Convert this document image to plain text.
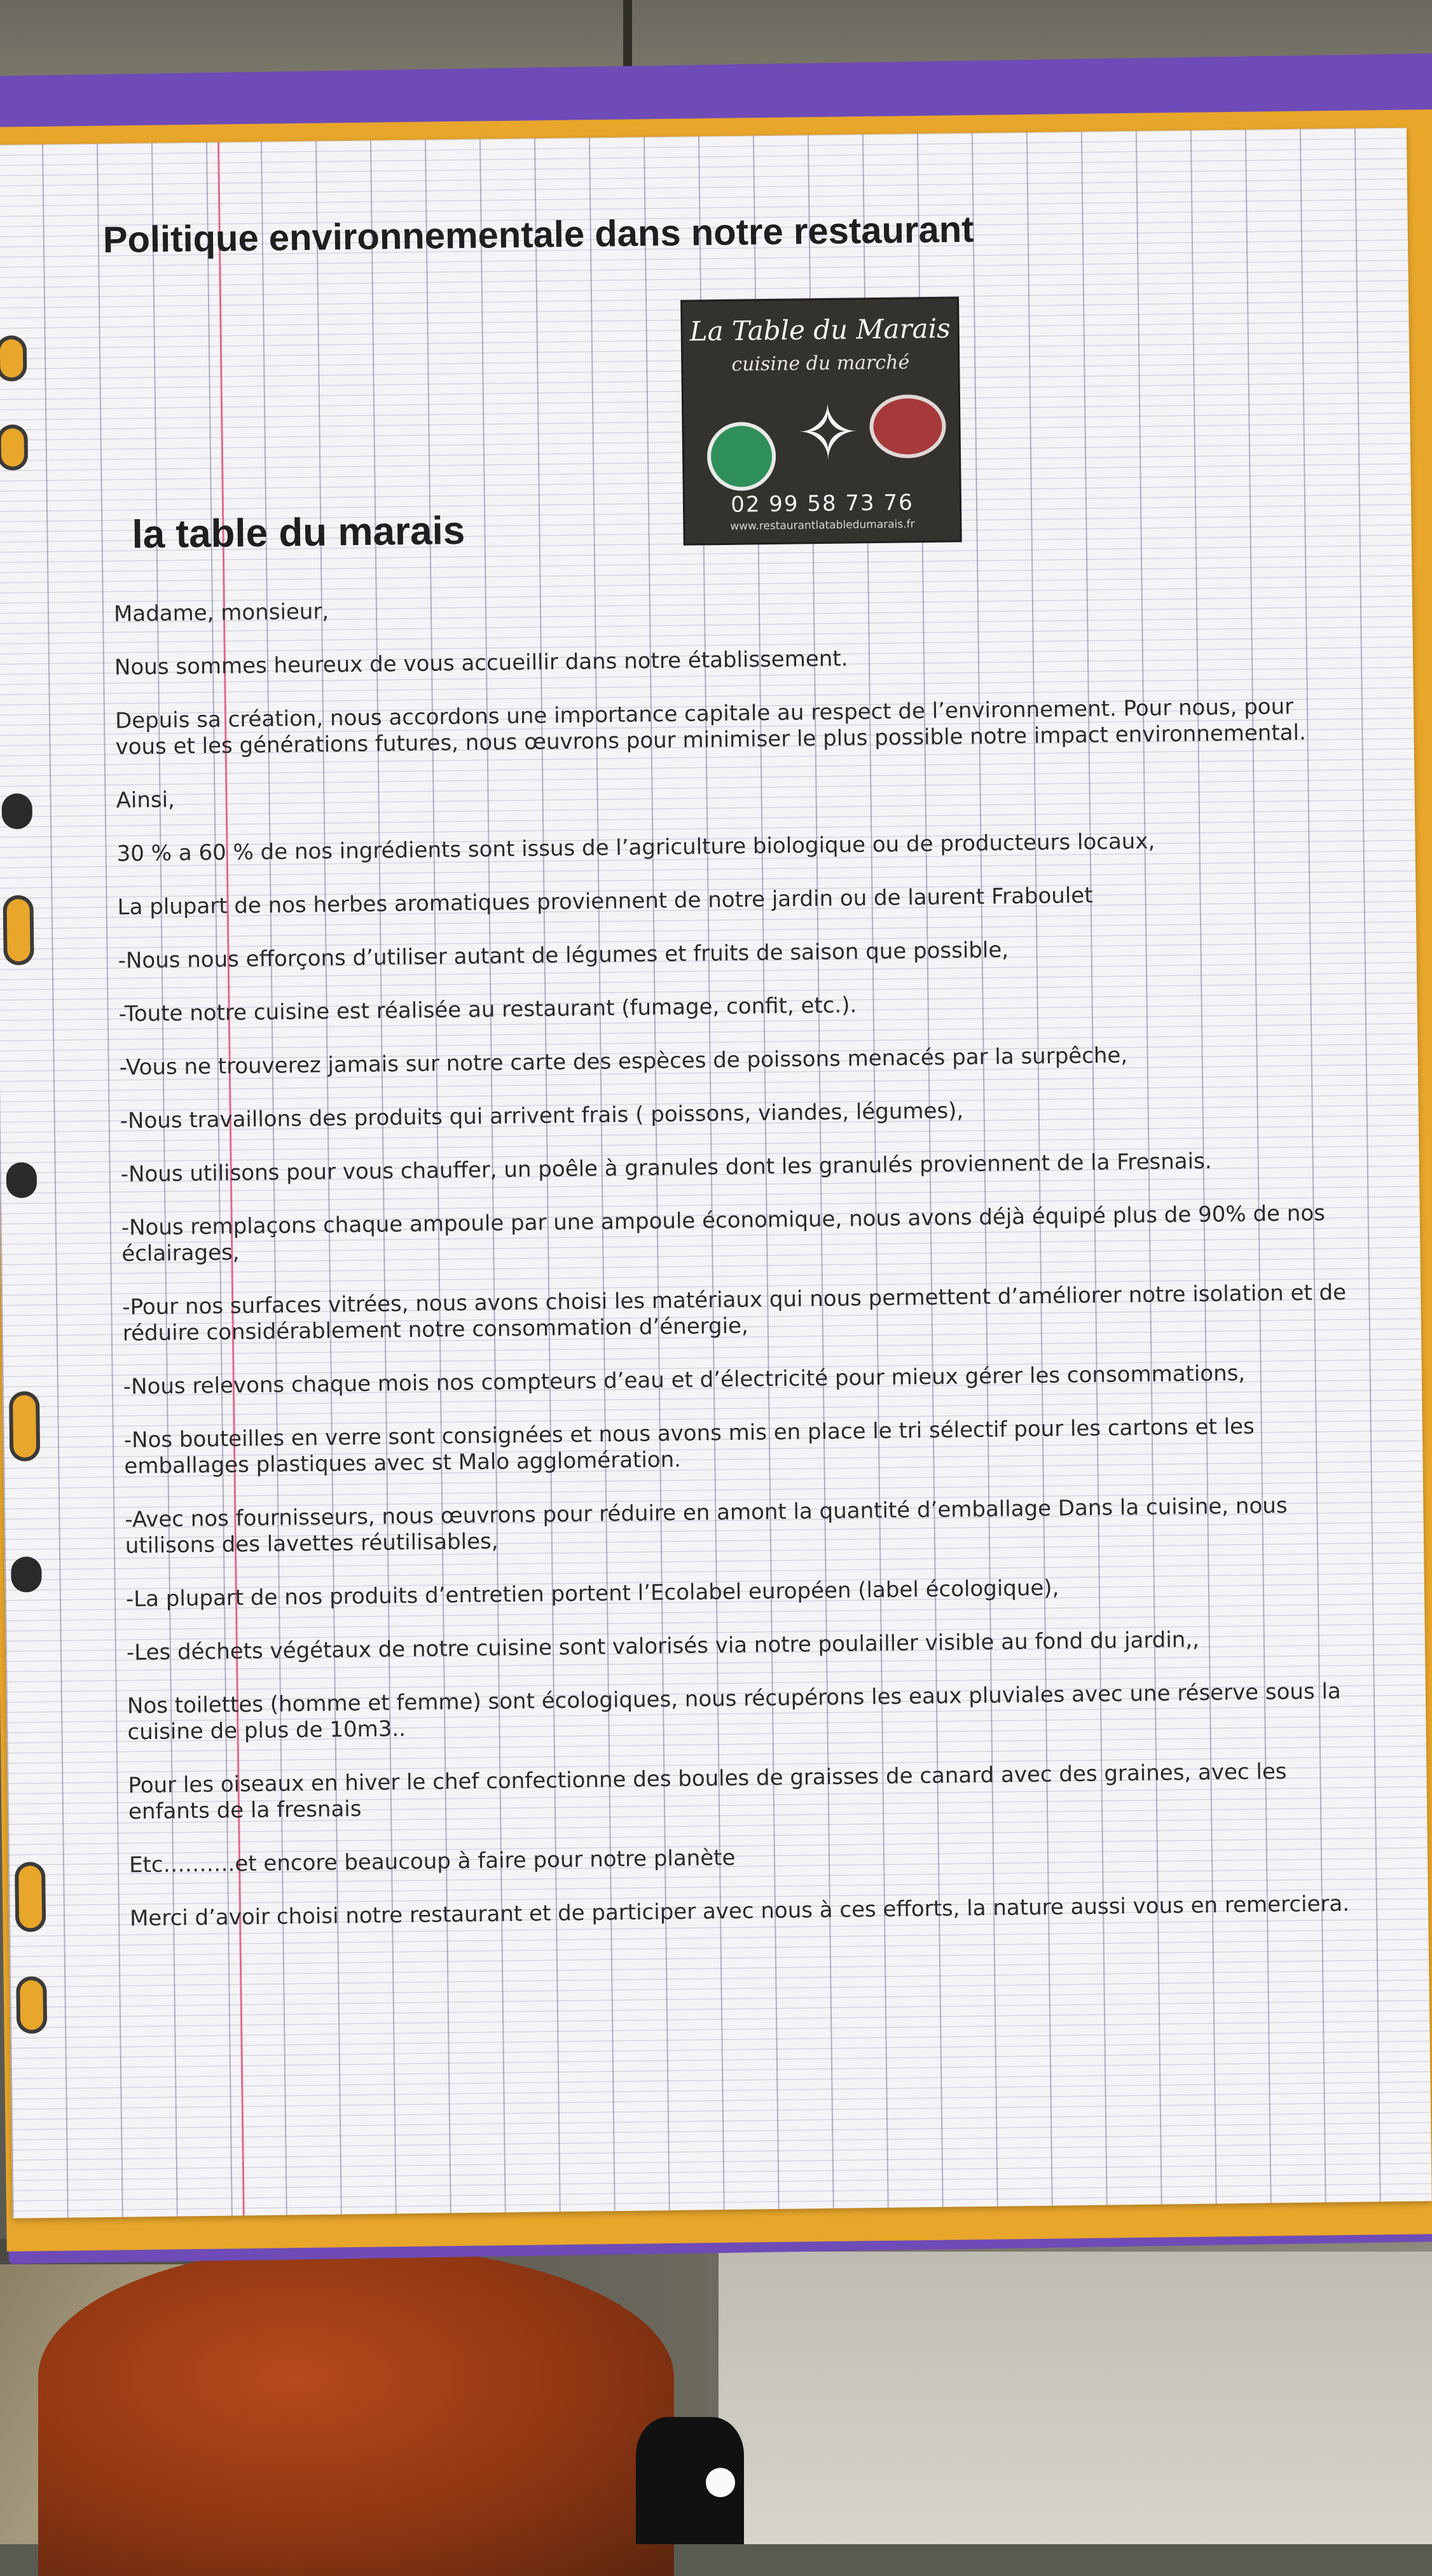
Politique environnementale dans notre restaurant
La Table du Marais
cuisine du marché
✧
02 99 58 73 76
www.restaurantlatabledumarais.fr
la table du marais

Madame, monsieur,

Nous sommes heureux de vous accueillir dans notre établissement.

Depuis sa création, nous accordons une importance capitale au respect de l’environnement. Pour nous, pour vous et les générations futures, nous œuvrons pour minimiser le plus possible notre impact environnemental.

Ainsi,

30 % a 60 % de nos ingrédients sont issus de l’agriculture biologique ou de producteurs locaux,

La plupart de nos herbes aromatiques proviennent de notre jardin ou de laurent Fraboulet

-Nous nous efforçons d’utiliser autant de légumes et fruits de saison que possible,

-Toute notre cuisine est réalisée au restaurant (fumage, confit, etc.).

-Vous ne trouverez jamais sur notre carte des espèces de poissons menacés par la surpêche,

-Nous travaillons des produits qui arrivent frais ( poissons, viandes, légumes),

-Nous utilisons pour vous chauffer, un poêle à granules dont les granulés proviennent de la Fresnais.

-Nous remplaçons chaque ampoule par une ampoule économique, nous avons déjà équipé plus de 90% de nos éclairages,

-Pour nos surfaces vitrées, nous avons choisi les matériaux qui nous permettent d’améliorer notre isolation et de réduire considérablement notre consommation d’énergie,

-Nous relevons chaque mois nos compteurs d’eau et d’électricité pour mieux gérer les consommations,

-Nos bouteilles en verre sont consignées et nous avons mis en place le tri sélectif pour les cartons et les emballages plastiques avec st Malo agglomération.

-Avec nos fournisseurs, nous œuvrons pour réduire en amont la quantité d’emballage Dans la cuisine, nous utilisons des lavettes réutilisables,

-La plupart de nos produits d’entretien portent l’Ecolabel européen (label écologique),

-Les déchets végétaux de notre cuisine sont valorisés via notre poulailler visible au fond du jardin,,

Nos toilettes (homme et femme) sont écologiques, nous récupérons les eaux pluviales avec une réserve sous la cuisine de plus de 10m3..

Pour les oiseaux en hiver le chef confectionne des boules de graisses de canard avec des graines, avec les enfants de la fresnais

Etc……….et encore beaucoup à faire pour notre planète

Merci d’avoir choisi notre restaurant et de participer avec nous à ces efforts, la nature aussi vous en remerciera.
